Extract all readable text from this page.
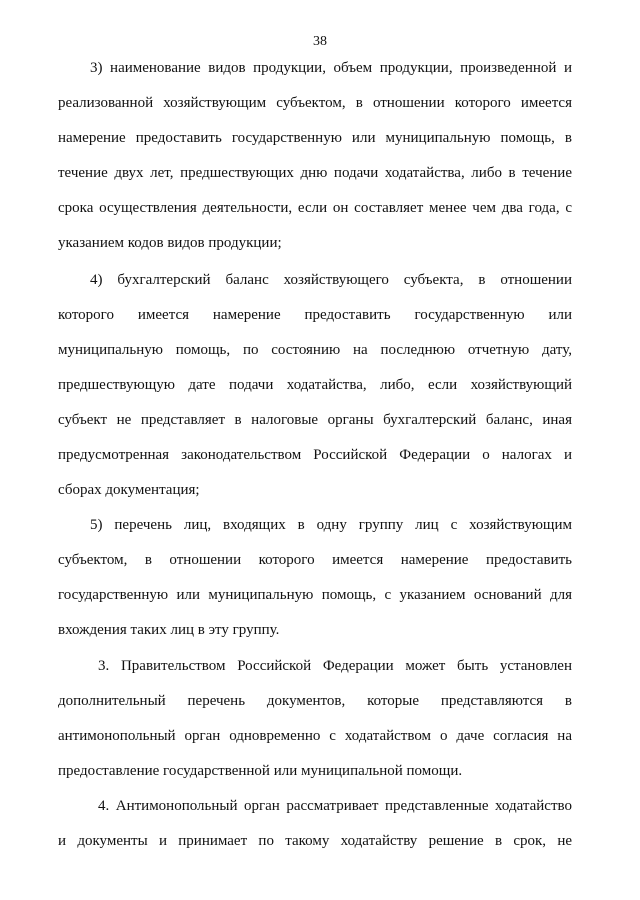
38
3) наименование видов продукции, объем продукции, произведенной и
реализованной хозяйствующим субъектом, в отношении которого имеется
намерение предоставить государственную или муниципальную помощь, в
течение двух лет, предшествующих дню подачи ходатайства, либо в течение
срока осуществления деятельности, если он составляет менее чем два года, с
указанием кодов видов продукции;
4) бухгалтерский баланс хозяйствующего субъекта, в отношении
которого имеется намерение предоставить государственную или
муниципальную помощь, по состоянию на последнюю отчетную дату,
предшествующую дате подачи ходатайства, либо, если хозяйствующий
субъект не представляет в налоговые органы бухгалтерский баланс, иная
предусмотренная законодательством Российской Федерации о налогах и
сборах документация;
5) перечень лиц, входящих в одну группу лиц с хозяйствующим
субъектом, в отношении которого имеется намерение предоставить
государственную или муниципальную помощь, с указанием оснований для
вхождения таких лиц в эту группу.
3. Правительством Российской Федерации может быть установлен
дополнительный перечень документов, которые представляются в
антимонопольный орган одновременно с ходатайством о даче согласия на
предоставление государственной или муниципальной помощи.
4. Антимонопольный орган рассматривает представленные ходатайство
и документы и принимает по такому ходатайству решение в срок, не
